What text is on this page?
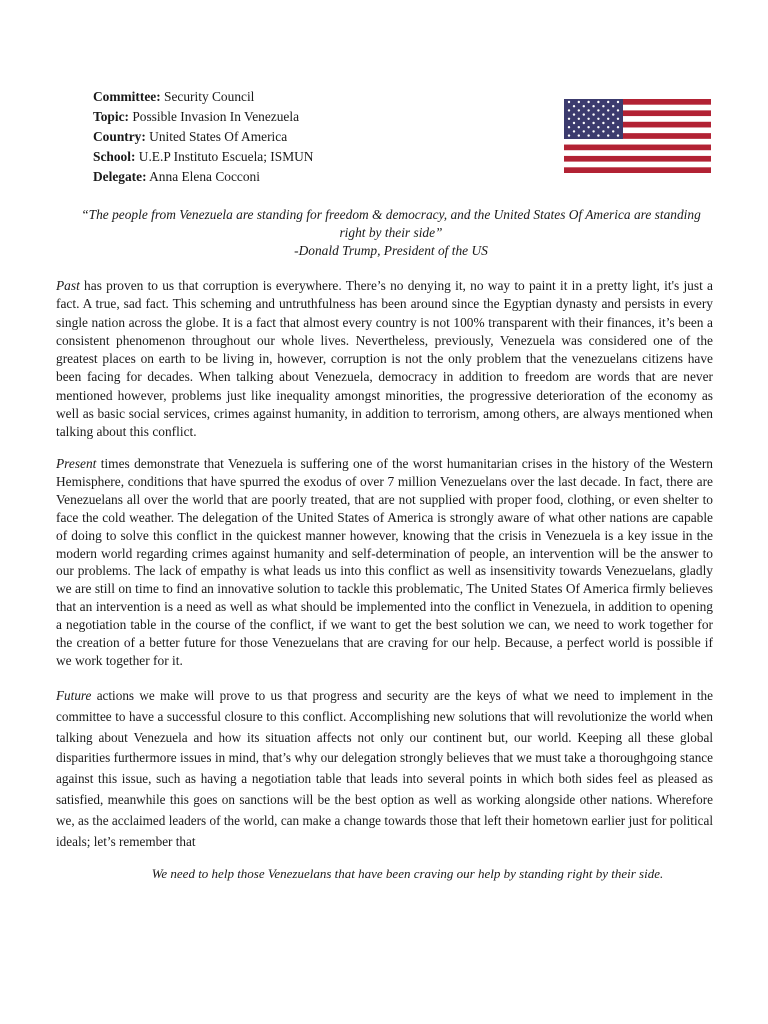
Committee: Security Council
Topic: Possible Invasion In Venezuela
Country: United States Of America
School: U.E.P Instituto Escuela; ISMUN
Delegate: Anna Elena Cocconi
“The people from Venezuela are standing for freedom & democracy, and the United States Of America are standing right by their side”
-Donald Trump, President of the US

Past has proven to us that corruption is everywhere. There’s no denying it, no way to paint it in a pretty light, it's just a fact. A true, sad fact. This scheming and untruthfulness has been around since the Egyptian dynasty and persists in every single nation across the globe. It is a fact that almost every country is not 100% transparent with their finances, it’s been a consistent phenomenon throughout our whole lives. Nevertheless, previously, Venezuela was considered one of the greatest places on earth to be living in, however, corruption is not the only problem that the venezuelans citizens have been facing for decades. When talking about Venezuela, democracy in addition to freedom are words that are never mentioned however, problems just like inequality amongst minorities, the progressive deterioration of the economy as well as basic social services, crimes against humanity, in addition to terrorism, among others, are always mentioned when talking about this conflict.

Present times demonstrate that Venezuela is suffering one of the worst humanitarian crises in the history of the Western Hemisphere, conditions that have spurred the exodus of over 7 million Venezuelans over the last decade. In fact, there are Venezuelans all over the world that are poorly treated, that are not supplied with proper food, clothing, or even shelter to face the cold weather. The delegation of the United States of America is strongly aware of what other nations are capable of doing to solve this conflict in the quickest manner however, knowing that the crisis in Venezuela is a key issue in the modern world regarding crimes against humanity and self-determination of people, an intervention will be the answer to our problems. The lack of empathy is what leads us into this conflict as well as insensitivity towards Venezuelans, gladly we are still on time to find an innovative solution to tackle this problematic, The United States Of America firmly believes that an intervention is a need as well as what should be implemented into the conflict in Venezuela, in addition to opening a negotiation table in the course of the conflict, if we want to get the best solution we can, we need to work together for the creation of a better future for those Venezuelans that are craving for our help. Because, a perfect world is possible if we work together for it.

Future actions we make will prove to us that progress and security are the keys of what we need to implement in the committee to have a successful closure to this conflict. Accomplishing new solutions that will revolutionize the world when talking about Venezuela and how its situation affects not only our continent but, our world. Keeping all these global disparities furthermore issues in mind, that’s why our delegation strongly believes that we must take a thoroughgoing stance against this issue, such as having a negotiation table that leads into several points in which both sides feel as pleased as satisfied, meanwhile this goes on sanctions will be the best option as well as working alongside other nations. Wherefore we, as the acclaimed leaders of the world, can make a change towards those that left their hometown earlier just for political ideals; let’s remember that

We need to help those Venezuelans that have been craving our help by standing right by their side.
